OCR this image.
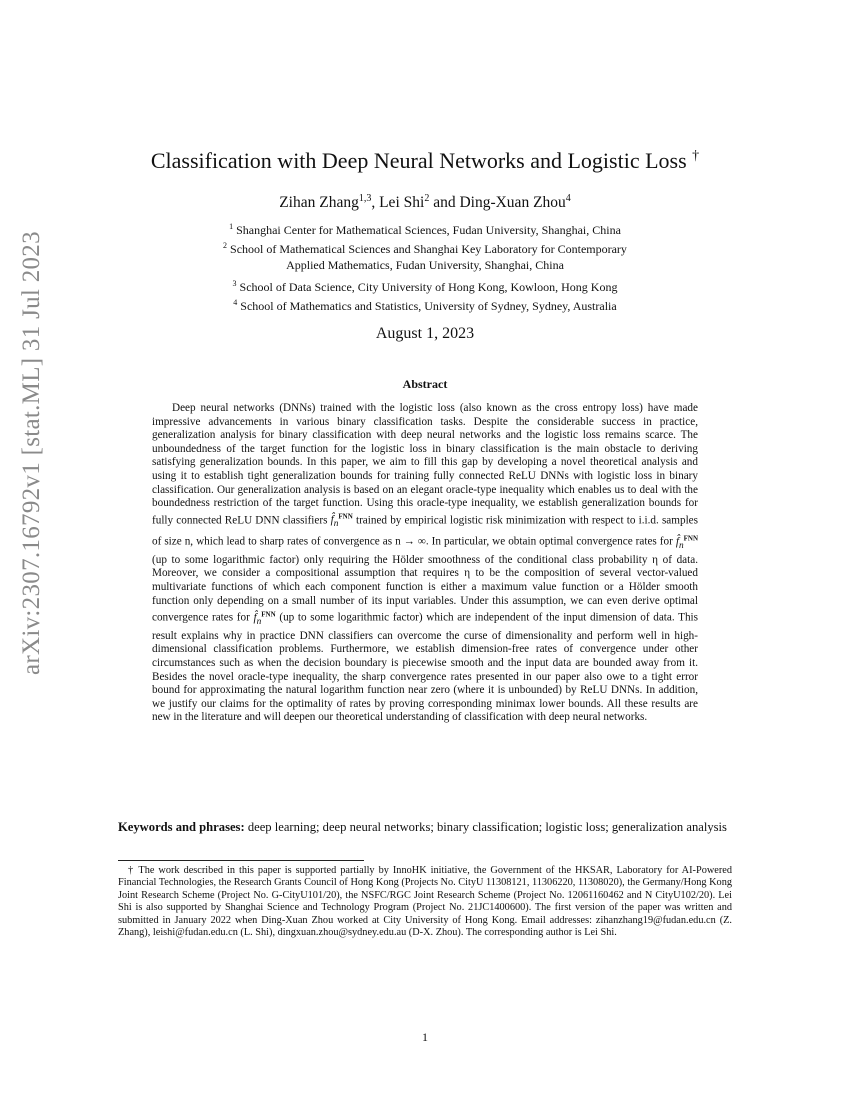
arXiv:2307.16792v1 [stat.ML] 31 Jul 2023
Classification with Deep Neural Networks and Logistic Loss †
Zihan Zhang$^{1,3}$, Lei Shi$^2$ and Ding-Xuan Zhou$^4$
$^1$ Shanghai Center for Mathematical Sciences, Fudan University, Shanghai, China
$^2$ School of Mathematical Sciences and Shanghai Key Laboratory for Contemporary
Applied Mathematics, Fudan University, Shanghai, China
$^3$ School of Data Science, City University of Hong Kong, Kowloon, Hong Kong
$^4$ School of Mathematics and Statistics, University of Sydney, Sydney, Australia
August 1, 2023
Abstract

Deep neural networks (DNNs) trained with the logistic loss (also known as the cross entropy loss) have made impressive advancements in various binary classification tasks. Despite the considerable success in practice, generalization analysis for binary classification with deep neural networks and the logistic loss remains scarce. The unboundedness of the target function for the logistic loss in binary classification is the main obstacle to deriving satisfying generalization bounds. In this paper, we aim to fill this gap by developing a novel theoretical analysis and using it to establish tight generalization bounds for training fully connected ReLU DNNs with logistic loss in binary classification. Our generalization analysis is based on an elegant oracle-type inequality which enables us to deal with the boundedness restriction of the target function. Using this oracle-type inequality, we establish generalization bounds for fully connected ReLU DNN classifiers $f̂_n^{FNN}$ trained by empirical logistic risk minimization with respect to i.i.d. samples of size n, which lead to sharp rates of convergence as n → ∞. In particular, we obtain optimal convergence rates for $f̂_n^{FNN}$ (up to some logarithmic factor) only requiring the Hölder smoothness of the conditional class probability η of data. Moreover, we consider a compositional assumption that requires η to be the composition of several vector-valued multivariate functions of which each component function is either a maximum value function or a Hölder smooth function only depending on a small number of its input variables. Under this assumption, we can even derive optimal convergence rates for $f̂_n^{FNN}$ (up to some logarithmic factor) which are independent of the input dimension of data. This result explains why in practice DNN classifiers can overcome the curse of dimensionality and perform well in high-dimensional classification problems. Furthermore, we establish dimension-free rates of convergence under other circumstances such as when the decision boundary is piecewise smooth and the input data are bounded away from it. Besides the novel oracle-type inequality, the sharp convergence rates presented in our paper also owe to a tight error bound for approximating the natural logarithm function near zero (where it is unbounded) by ReLU DNNs. In addition, we justify our claims for the optimality of rates by proving corresponding minimax lower bounds. All these results are new in the literature and will deepen our theoretical understanding of classification with deep neural networks.

Keywords and phrases: deep learning; deep neural networks; binary classification; logistic loss; generalization analysis

† The work described in this paper is supported partially by InnoHK initiative, the Government of the HKSAR, Laboratory for AI-Powered Financial Technologies, the Research Grants Council of Hong Kong (Projects No. CityU 11308121, 11306220, 11308020), the Germany/Hong Kong Joint Research Scheme (Project No. G-CityU101/20), the NSFC/RGC Joint Research Scheme (Project No. 12061160462 and N CityU102/20). Lei Shi is also supported by Shanghai Science and Technology Program (Project No. 21JC1400600). The first version of the paper was written and submitted in January 2022 when Ding-Xuan Zhou worked at City University of Hong Kong. Email addresses: zihanzhang19@fudan.edu.cn (Z. Zhang), leishi@fudan.edu.cn (L. Shi), dingxuan.zhou@sydney.edu.au (D-X. Zhou). The corresponding author is Lei Shi.

1
